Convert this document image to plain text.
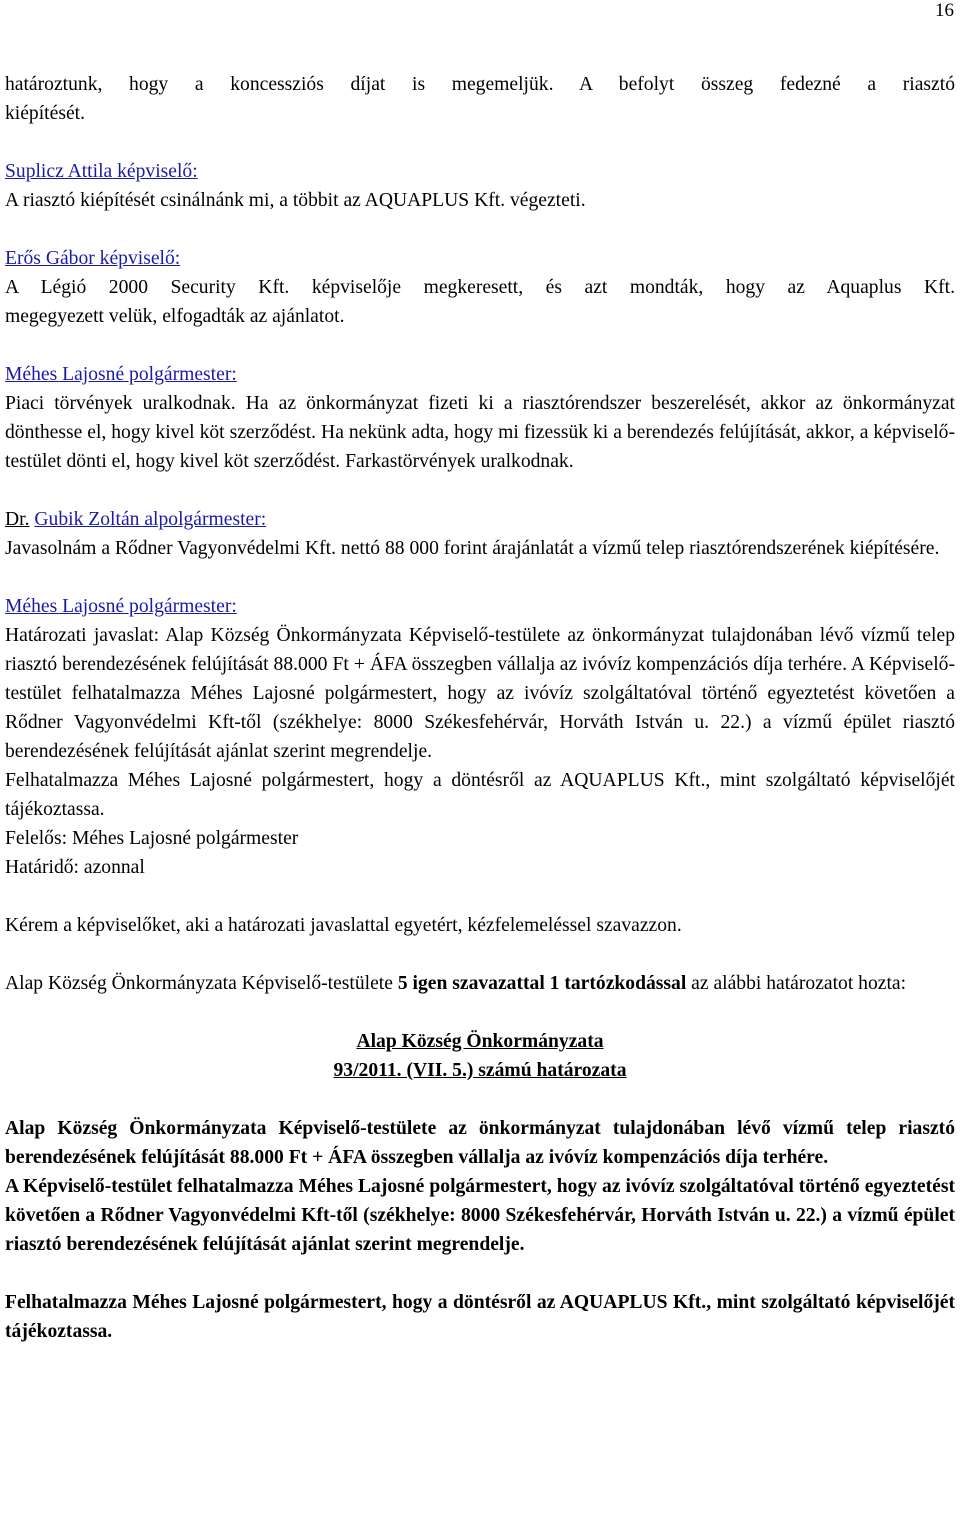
16

határoztunk, hogy a koncessziós díjat is megemeljük. A befolyt összeg fedezné a riasztó

kiépítését.

Suplicz Attila képviselő:

A riasztó kiépítését csinálnánk mi, a többit az AQUAPLUS Kft. végezteti.

Erős Gábor képviselő:

A Légió 2000 Security Kft. képviselője megkeresett, és azt mondták, hogy az Aquaplus Kft.

megegyezett velük, elfogadták az ajánlatot.

Méhes Lajosné polgármester:

Piaci törvények uralkodnak. Ha az önkormányzat fizeti ki a riasztórendszer beszerelését, akkor az önkormányzat dönthesse el, hogy kivel köt szerződést. Ha nekünk adta, hogy mi fizessük ki a berendezés felújítását, akkor, a képviselő-testület dönti el, hogy kivel köt szerződést. Farkastörvények uralkodnak.

Dr. Gubik Zoltán alpolgármester:

Javasolnám a Rődner Vagyonvédelmi Kft. nettó 88 000 forint árajánlatát a vízmű telep riasztórendszerének kiépítésére.

Méhes Lajosné polgármester:

Határozati javaslat: Alap Község Önkormányzata Képviselő-testülete az önkormányzat tulajdonában lévő vízmű telep riasztó berendezésének felújítását 88.000 Ft + ÁFA összegben vállalja az ivóvíz kompenzációs díja terhére. A Képviselő-testület felhatalmazza Méhes Lajosné polgármestert, hogy az ivóvíz szolgáltatóval történő egyeztetést követően a Rődner Vagyonvédelmi Kft-től (székhelye: 8000 Székesfehérvár, Horváth István u. 22.) a vízmű épület riasztó berendezésének felújítását ajánlat szerint megrendelje.

Felhatalmazza Méhes Lajosné polgármestert, hogy a döntésről az AQUAPLUS Kft., mint szolgáltató képviselőjét tájékoztassa.

Felelős: Méhes Lajosné polgármester

Határidő: azonnal

Kérem a képviselőket, aki a határozati javaslattal egyetért, kézfelemeléssel szavazzon.

Alap Község Önkormányzata Képviselő-testülete 5 igen szavazattal 1 tartózkodással az alábbi határozatot hozta:

Alap Község Önkormányzata

93/2011. (VII. 5.) számú határozata

Alap Község Önkormányzata Képviselő-testülete az önkormányzat tulajdonában lévő vízmű telep riasztó berendezésének felújítását 88.000 Ft + ÁFA összegben vállalja az ivóvíz kompenzációs díja terhére.

A Képviselő-testület felhatalmazza Méhes Lajosné polgármestert, hogy az ivóvíz szolgáltatóval történő egyeztetést követően a Rődner Vagyonvédelmi Kft-től (székhelye: 8000 Székesfehérvár, Horváth István u. 22.) a vízmű épület riasztó berendezésének felújítását ajánlat szerint megrendelje.

Felhatalmazza Méhes Lajosné polgármestert, hogy a döntésről az AQUAPLUS Kft., mint szolgáltató képviselőjét tájékoztassa.
